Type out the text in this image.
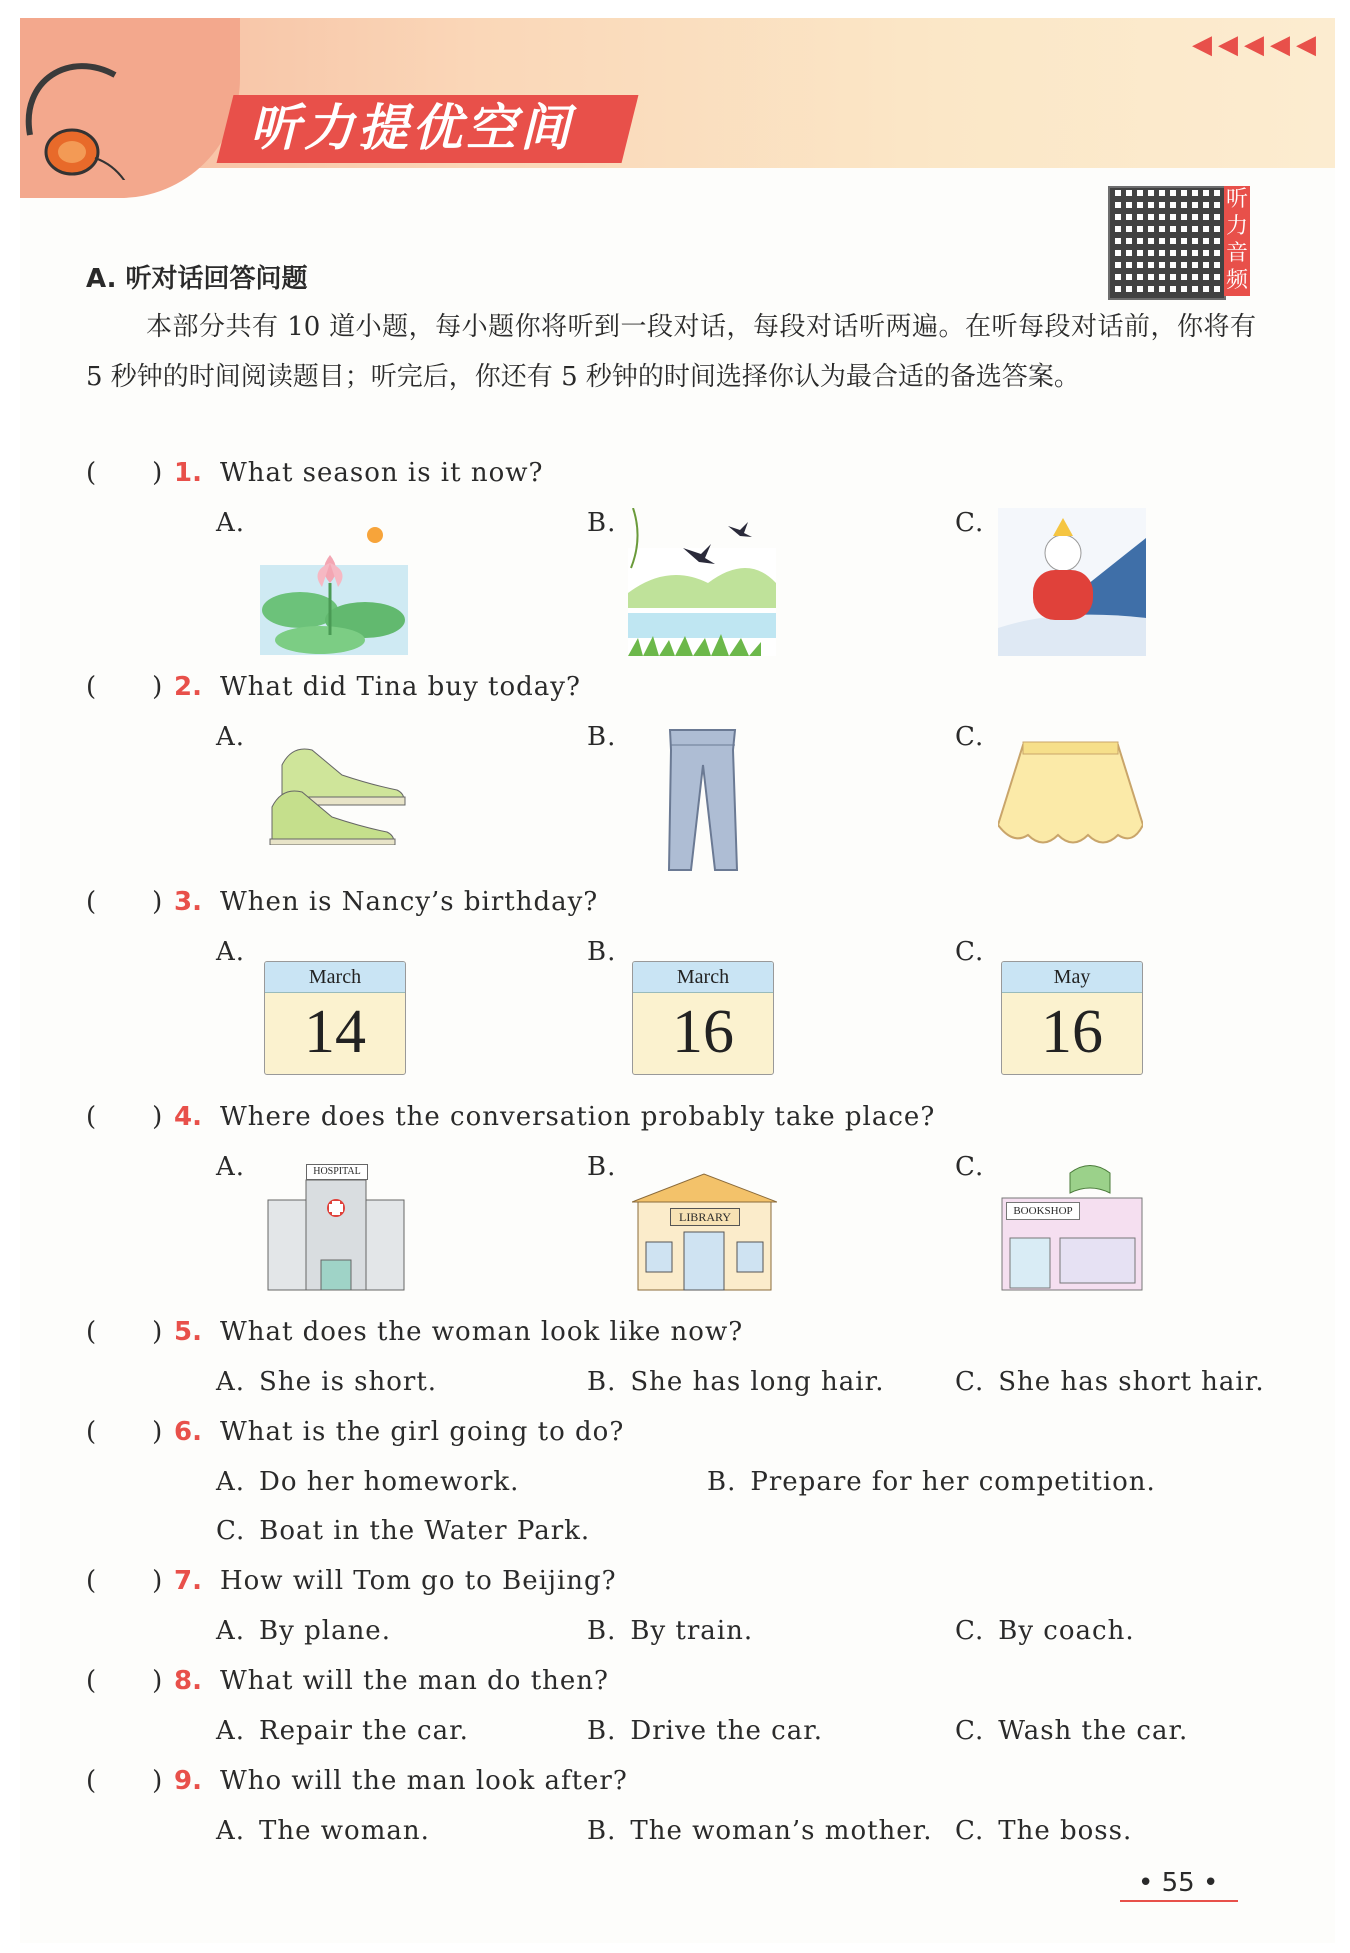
听力提优空间
◀◀◀◀◀
听力音频
A. 听对话回答问题
本部分共有 10 道小题，每小题你将听到一段对话，每段对话听两遍。在听每段对话前，你将有 5 秒钟的时间阅读题目；听完后，你还有 5 秒钟的时间选择你认为最合适的备选答案。
( ) 1. What season is it now?
A.	B.	C.
( ) 2. What did Tina buy today?
A.	B.	C.
( ) 3. When is Nancy’s birthday?
A.	B.	C.
March
14
March
16
May
16
( ) 4. Where does the conversation probably take place?
A.	B.	C.
HOSPITAL
LIBRARY	BOOKSHOP
( ) 5. What does the woman look like now?
A. She is short.	B. She has long hair.	C. She has short hair.
( ) 6. What is the girl going to do?
A. Do her homework.	B. Prepare for her competition.
C. Boat in the Water Park.
( ) 7. How will Tom go to Beijing?
A. By plane.	B. By train.	C. By coach.
( ) 8. What will the man do then?
A. Repair the car.	B. Drive the car.	C. Wash the car.
( ) 9. Who will the man look after?
A. The woman.	B. The woman’s mother. C. The boss.
• 55 •
